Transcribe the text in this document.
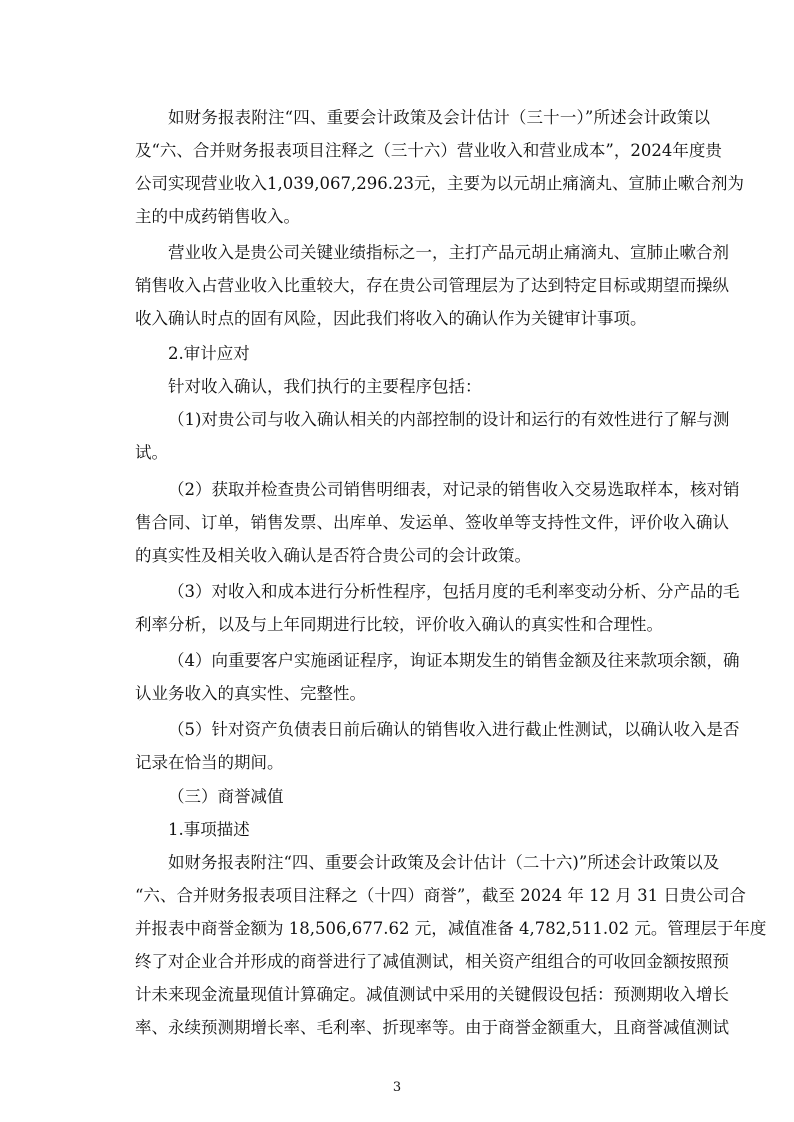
如财务报表附注“四、重要会计政策及会计估计（三十一）”所述会计政策以
及“六、合并财务报表项目注释之（三十六）营业收入和营业成本”，2024年度贵
公司实现营业收入1,039,067,296.23元，主要为以元胡止痛滴丸、宣肺止嗽合剂为
主的中成药销售收入。
营业收入是贵公司关键业绩指标之一，主打产品元胡止痛滴丸、宣肺止嗽合剂
销售收入占营业收入比重较大，存在贵公司管理层为了达到特定目标或期望而操纵
收入确认时点的固有风险，因此我们将收入的确认作为关键审计事项。
2.审计应对
针对收入确认，我们执行的主要程序包括：
（1)对贵公司与收入确认相关的内部控制的设计和运行的有效性进行了解与测
试。
（2）获取并检查贵公司销售明细表，对记录的销售收入交易选取样本，核对销
售合同、订单，销售发票、出库单、发运单、签收单等支持性文件，评价收入确认
的真实性及相关收入确认是否符合贵公司的会计政策。
（3）对收入和成本进行分析性程序，包括月度的毛利率变动分析、分产品的毛
利率分析，以及与上年同期进行比较，评价收入确认的真实性和合理性。
（4）向重要客户实施函证程序，询证本期发生的销售金额及往来款项余额，确
认业务收入的真实性、完整性。
（5）针对资产负债表日前后确认的销售收入进行截止性测试，以确认收入是否
记录在恰当的期间。
（三）商誉减值
1.事项描述
如财务报表附注“四、重要会计政策及会计估计（二十六)”所述会计政策以及
“六、合并财务报表项目注释之（十四）商誉”，截至 2024 年 12 月 31 日贵公司合
并报表中商誉金额为 18,506,677.62 元，减值准备 4,782,511.02 元。管理层于年度
终了对企业合并形成的商誉进行了减值测试，相关资产组组合的可收回金额按照预
计未来现金流量现值计算确定。减值测试中采用的关键假设包括：预测期收入增长
率、永续预测期增长率、毛利率、折现率等。由于商誉金额重大，且商誉减值测试
3
